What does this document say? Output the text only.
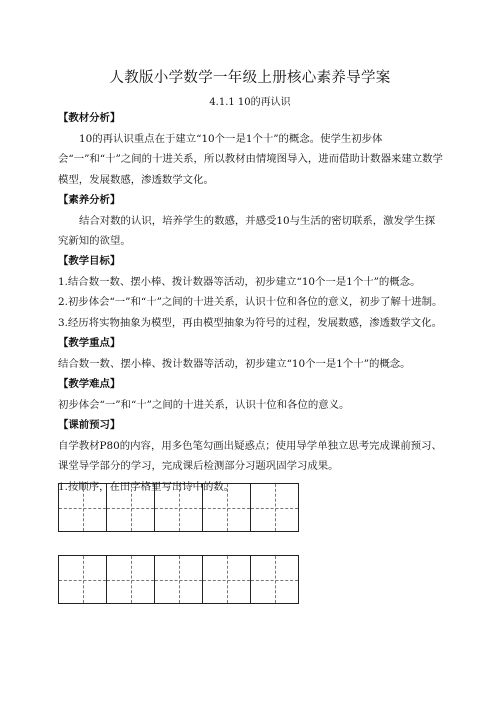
人教版小学数学一年级上册核心素养导学案
4.1.1 10的再认识
【教材分析】
10的再认识重点在于建立“10个一是1个十”的概念。使学生初步体会“一”和“十”之间的十进关系，所以教材由情境图导入，进而借助计数器来建立数学模型，发展数感，渗透数学文化。
【素养分析】
结合对数的认识，培养学生的数感，并感受10与生活的密切联系，激发学生探究新知的欲望。
【教学目标】
1.结合数一数、摆小棒、拨计数器等活动，初步建立“10个一是1个十”的概念。
2.初步体会“一”和“十”之间的十进关系，认识十位和各位的意义，初步了解十进制。
3.经历将实物抽象为模型，再由模型抽象为符号的过程，发展数感，渗透数学文化。
【教学重点】
结合数一数、摆小棒、拨计数器等活动，初步建立“10个一是1个十”的概念。
【教学难点】
初步体会“一”和“十”之间的十进关系，认识十位和各位的意义。
【课前预习】
自学教材P80的内容，用多色笔勾画出疑惑点；使用导学单独立思考完成课前预习、课堂导学部分的学习，完成课后检测部分习题巩固学习成果。
1.按顺序，在田字格里写出诗中的数。
